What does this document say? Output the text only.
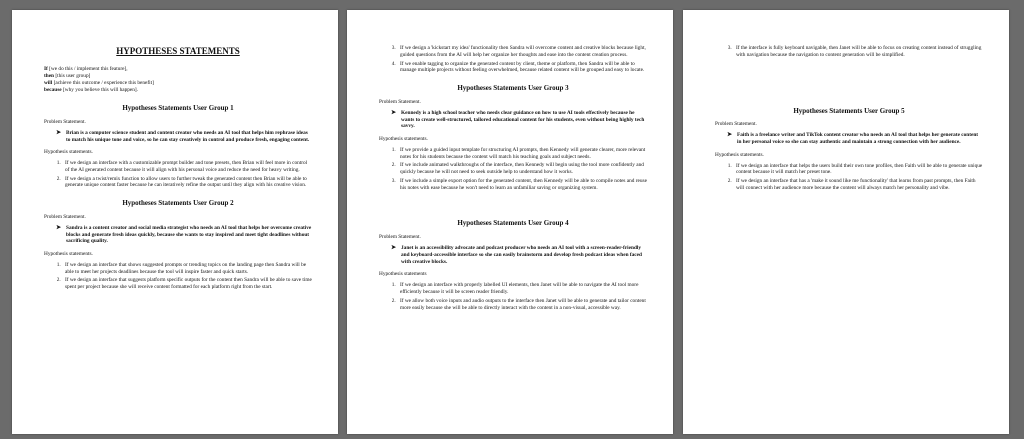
HYPOTHESES STATEMENTS
If [we do this / implement this feature],
then [this user group]
will [achieve this outcome / experience this benefit]
because [why you believe this will happen].
Hypotheses Statements User Group 1
Problem Statement.
➤ Brian is a computer science student and content creator who needs an AI tool that helps him rephrase ideas to match his unique tone and voice, so he can stay creatively in control and produce fresh, engaging content.
Hypothesis statements.
1. If we design an interface with a customizable prompt builder and tone presets, then Brian will feel more in control of the AI generated content because it will align with his personal voice and reduce the need for heavy writing.
2. If we design a twist/remix function to allow users to further tweak the generated content then Brian will be able to generate unique content faster because he can iteratively refine the output until they align with his creative vision.
Hypotheses Statements User Group 2
Problem Statement.
➤ Sandra is a content creator and social media strategist who needs an AI tool that helps her overcome creative blocks and generate fresh ideas quickly, because she wants to stay inspired and meet tight deadlines without sacrificing quality.
Hypothesis statements.
1. If we design an interface that shows suggested prompts or trending topics on the landing page then Sandra will be able to meet her projects deadlines because the tool will inspire faster and quick starts.
2. If we design an interface that suggests platform specific outputs for the content then Sandra will be able to save time spent per project because she will receive content formatted for each platform right from the start.
3. If we design a 'kickstart my idea' functionality then Sandra will overcome content and creative blocks because light, guided questions from the AI will help her organize her thoughts and ease into the content creation process.
4. If we enable tagging to organize the generated content by client, theme or platform, then Sandra will be able to manage multiple projects without feeling overwhelmed, because related content will be grouped and easy to locate.
Hypotheses Statements User Group 3
Problem Statement.
➤ Kennedy is a high school teacher who needs clear guidance on how to use AI tools effectively because he wants to create well-structured, tailored educational content for his students, even without being highly tech savvy.
Hypothesis statements.
1. If we provide a guided input template for structuring AI prompts, then Kennedy will generate clearer, more relevant notes for his students because the content will match his teaching goals and subject needs.
2. If we include animated walkthroughs of the interface, then Kennedy will begin using the tool more confidently and quickly because he will not need to seek outside help to understand how it works.
3. If we include a simple export option for the generated content, then Kennedy will be able to compile notes and reuse his notes with ease because he won't need to learn an unfamiliar saving or organizing system.
Hypotheses Statements User Group 4
Problem Statement.
➤ Janet is an accessibility advocate and podcast producer who needs an AI tool with a screen-reader-friendly and keyboard-accessible interface so she can easily brainstorm and develop fresh podcast ideas when faced with creative blocks.
Hypothesis statements
1. If we design an interface with properly labelled UI elements, then Janet will be able to navigate the AI tool more efficiently because it will be screen reader friendly.
2. If we allow both voice inputs and audio outputs to the interface then Janet will be able to generate and tailor content more easily because she will be able to directly interact with the content in a non-visual, accessible way.
3. If the interface is fully keyboard navigable, then Janet will be able to focus on creating content instead of struggling with navigation because the navigation to content generation will be simplified.
Hypotheses Statements User Group 5
Problem Statement.
➤ Faith is a freelance writer and TikTok content creator who needs an AI tool that helps her generate content in her personal voice so she can stay authentic and maintain a strong connection with her audience.
Hypothesis statements.
1. If we design an interface that helps the users build their own tone profiles, then Faith will be able to generate unique content because it will match her preset tone.
2. If we design an interface that has a 'make it sound like me functionality' that learns from past prompts, then Faith will connect with her audience more because the content will always match her personality and vibe.
